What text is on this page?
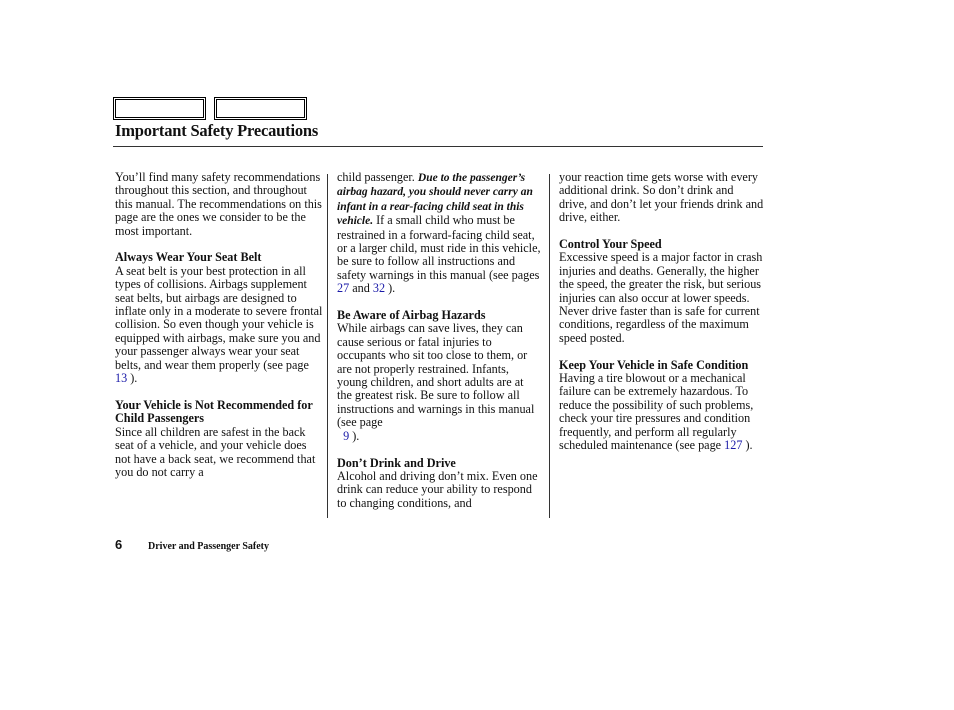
Important Safety Precautions

You’ll find many safety recommendations throughout this section, and throughout this manual. The recommendations on this page are the ones we consider to be the most important.

Always Wear Your Seat Belt

A seat belt is your best protection in all types of collisions. Airbags supplement seat belts, but airbags are designed to inflate only in a moderate to severe frontal collision. So even though your vehicle is equipped with airbags, make sure you and your passenger always wear your seat belts, and wear them properly (see page 13 ).

Your Vehicle is Not Recommended for Child Passengers

Since all children are safest in the back seat of a vehicle, and your vehicle does not have a back seat, we recommend that you do not carry a

child passenger. Due to the passenger’s airbag hazard, you should never carry an infant in a rear-facing child seat in this vehicle. If a small child who must be restrained in a forward-facing child seat, or a larger child, must ride in this vehicle, be sure to follow all instructions and safety warnings in this manual (see pages 27 and 32 ).

Be Aware of Airbag Hazards

While airbags can save lives, they can cause serious or fatal injuries to occupants who sit too close to them, or are not properly restrained. Infants, young children, and short adults are at the greatest risk. Be sure to follow all instructions and warnings in this manual (see page
9 ).

Don’t Drink and Drive

Alcohol and driving don’t mix. Even one drink can reduce your ability to respond to changing conditions, and

your reaction time gets worse with every additional drink. So don’t drink and drive, and don’t let your friends drink and drive, either.

Control Your Speed

Excessive speed is a major factor in crash injuries and deaths. Generally, the higher the speed, the greater the risk, but serious injuries can also occur at lower speeds. Never drive faster than is safe for current conditions, regardless of the maximum speed posted.

Keep Your Vehicle in Safe Condition

Having a tire blowout or a mechanical failure can be extremely hazardous. To reduce the possibility of such problems, check your tire pressures and condition frequently, and perform all regularly scheduled maintenance (see page 127 ).

6	Driver and Passenger Safety
